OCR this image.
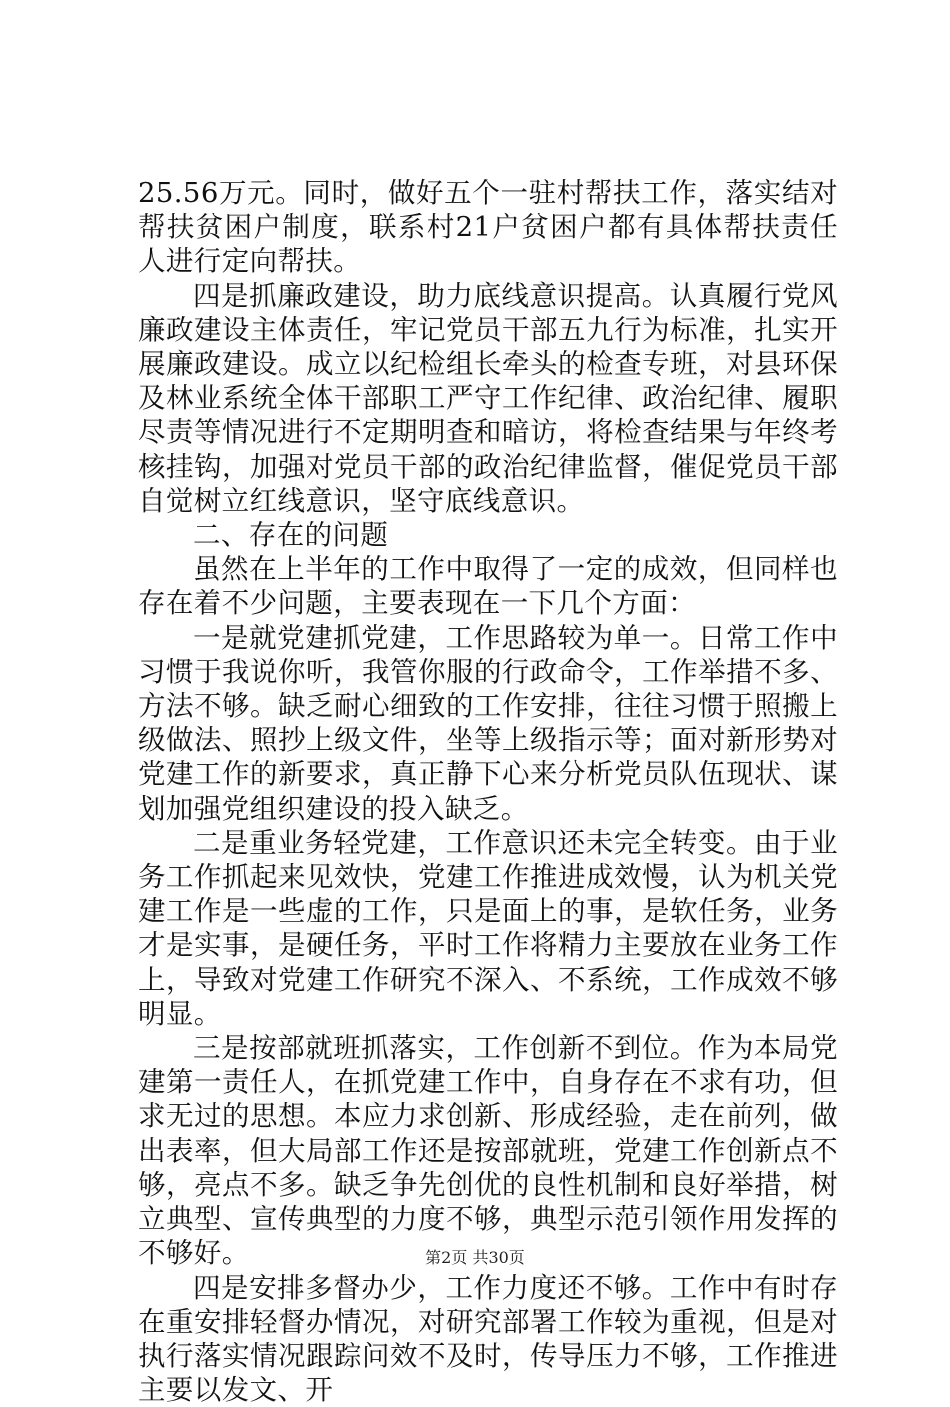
25.56万元。同时，做好五个一驻村帮扶工作，落实结对帮扶贫困户制度，联系村21户贫困户都有具体帮扶责任人进行定向帮扶。

四是抓廉政建设，助力底线意识提高。认真履行党风廉政建设主体责任，牢记党员干部五九行为标准，扎实开展廉政建设。成立以纪检组长牵头的检查专班，对县环保及林业系统全体干部职工严守工作纪律、政治纪律、履职尽责等情况进行不定期明查和暗访，将检查结果与年终考核挂钩，加强对党员干部的政治纪律监督，催促党员干部自觉树立红线意识，坚守底线意识。

二、存在的问题

虽然在上半年的工作中取得了一定的成效，但同样也存在着不少问题，主要表现在一下几个方面：

一是就党建抓党建，工作思路较为单一。日常工作中习惯于我说你听，我管你服的行政命令，工作举措不多、方法不够。缺乏耐心细致的工作安排，往往习惯于照搬上级做法、照抄上级文件，坐等上级指示等；面对新形势对党建工作的新要求，真正静下心来分析党员队伍现状、谋划加强党组织建设的投入缺乏。

二是重业务轻党建，工作意识还未完全转变。由于业务工作抓起来见效快，党建工作推进成效慢，认为机关党建工作是一些虚的工作，只是面上的事，是软任务，业务才是实事，是硬任务，平时工作将精力主要放在业务工作上，导致对党建工作研究不深入、不系统，工作成效不够明显。

三是按部就班抓落实，工作创新不到位。作为本局党建第一责任人，在抓党建工作中，自身存在不求有功，但求无过的思想。本应力求创新、形成经验，走在前列，做出表率，但大局部工作还是按部就班，党建工作创新点不够，亮点不多。缺乏争先创优的良性机制和良好举措，树立典型、宣传典型的力度不够，典型示范引领作用发挥的不够好。

四是安排多督办少，工作力度还不够。工作中有时存在重安排轻督办情况，对研究部署工作较为重视，但是对执行落实情况跟踪问效不及时，传导压力不够，工作推进主要以发文、开

第2页 共30页
